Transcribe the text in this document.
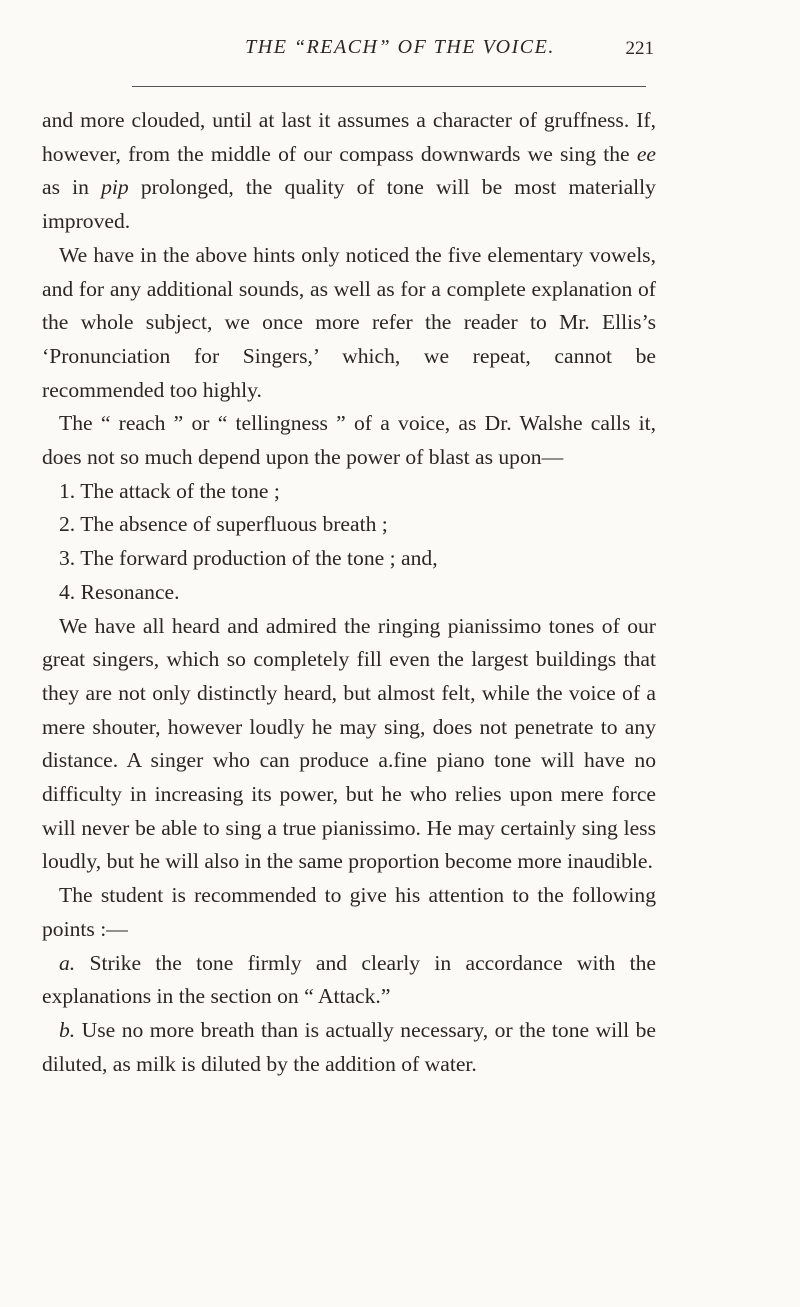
THE “REACH” OF THE VOICE.	221

and more clouded, until at last it assumes a character of gruffness. If, however, from the middle of our compass downwards we sing the ee as in pip prolonged, the quality of tone will be most materially improved.

We have in the above hints only noticed the five elementary vowels, and for any additional sounds, as well as for a complete explanation of the whole subject, we once more refer the reader to Mr. Ellis’s ‘Pronunciation for Singers,’ which, we repeat, cannot be recommended too highly.

The “ reach ” or “ tellingness ” of a voice, as Dr. Walshe calls it, does not so much depend upon the power of blast as upon—

1. The attack of the tone ;

2. The absence of superfluous breath ;

3. The forward production of the tone ; and,

4. Resonance.

We have all heard and admired the ringing pianissimo tones of our great singers, which so completely fill even the largest buildings that they are not only distinctly heard, but almost felt, while the voice of a mere shouter, however loudly he may sing, does not penetrate to any distance. A singer who can produce a.fine piano tone will have no difficulty in increasing its power, but he who relies upon mere force will never be able to sing a true pianissimo. He may certainly sing less loudly, but he will also in the same proportion become more inaudible.

The student is recommended to give his attention to the following points :—

a. Strike the tone firmly and clearly in accordance with the explanations in the section on “ Attack.”

b. Use no more breath than is actually necessary, or the tone will be diluted, as milk is diluted by the addition of water.
